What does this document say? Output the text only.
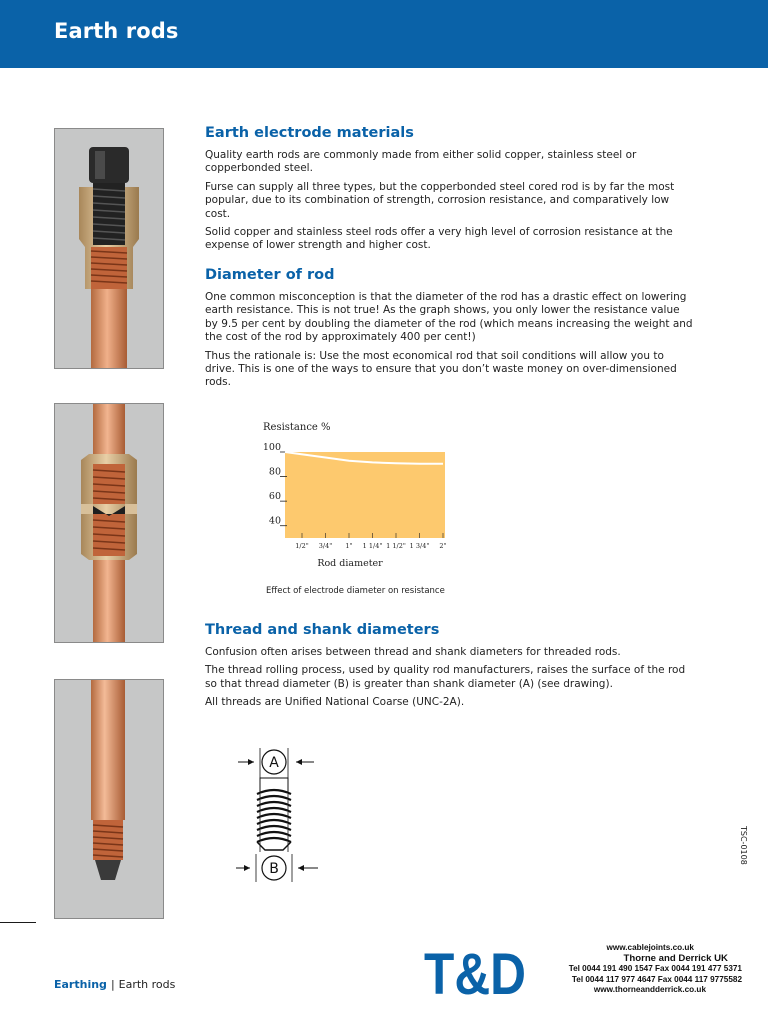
Earth rods
Earth electrode materials

Quality earth rods are commonly made from either solid copper, stainless steel or copperbonded steel.

Furse can supply all three types, but the copperbonded steel cored rod is by far the most popular, due to its combination of strength, corrosion resistance, and comparatively low cost.

Solid copper and stainless steel rods offer a very high level of corrosion resistance at the expense of lower strength and higher cost.

Diameter of rod

One common misconception is that the diameter of the rod has a drastic effect on lowering earth resistance. This is not true! As the graph shows, you only lower the resistance value by 9.5 per cent by doubling the diameter of the rod (which means increasing the weight and the cost of the rod by approximately 400 per cent!)

Thus the rationale is: Use the most economical rod that soil conditions will allow you to drive. This is one of the ways to ensure that you don’t waste money on over-dimensioned rods.

Resistance %
100
80
60
40
1/2" 3/4" 1" 1 1/4" 1 1/2" 1 3/4" 2"
Rod diameter
Effect of electrode diameter on resistance
Thread and shank diameters

Confusion often arises between thread and shank diameters for threaded rods.

The thread rolling process, used by quality rod manufacturers, raises the surface of the rod so that thread diameter (B) is greater than shank diameter (A) (see drawing).

All threads are Unified National Coarse (UNC-2A).

A
B
TSC-0108
Earthing | Earth rods	T&D	www.cablejoints.co.uk
Thorne and Derrick UK
Tel 0044 191 490 1547 Fax 0044 191 477 5371
Tel 0044 117 977 4647 Fax 0044 117 9775582
www.thorneandderrick.co.uk
